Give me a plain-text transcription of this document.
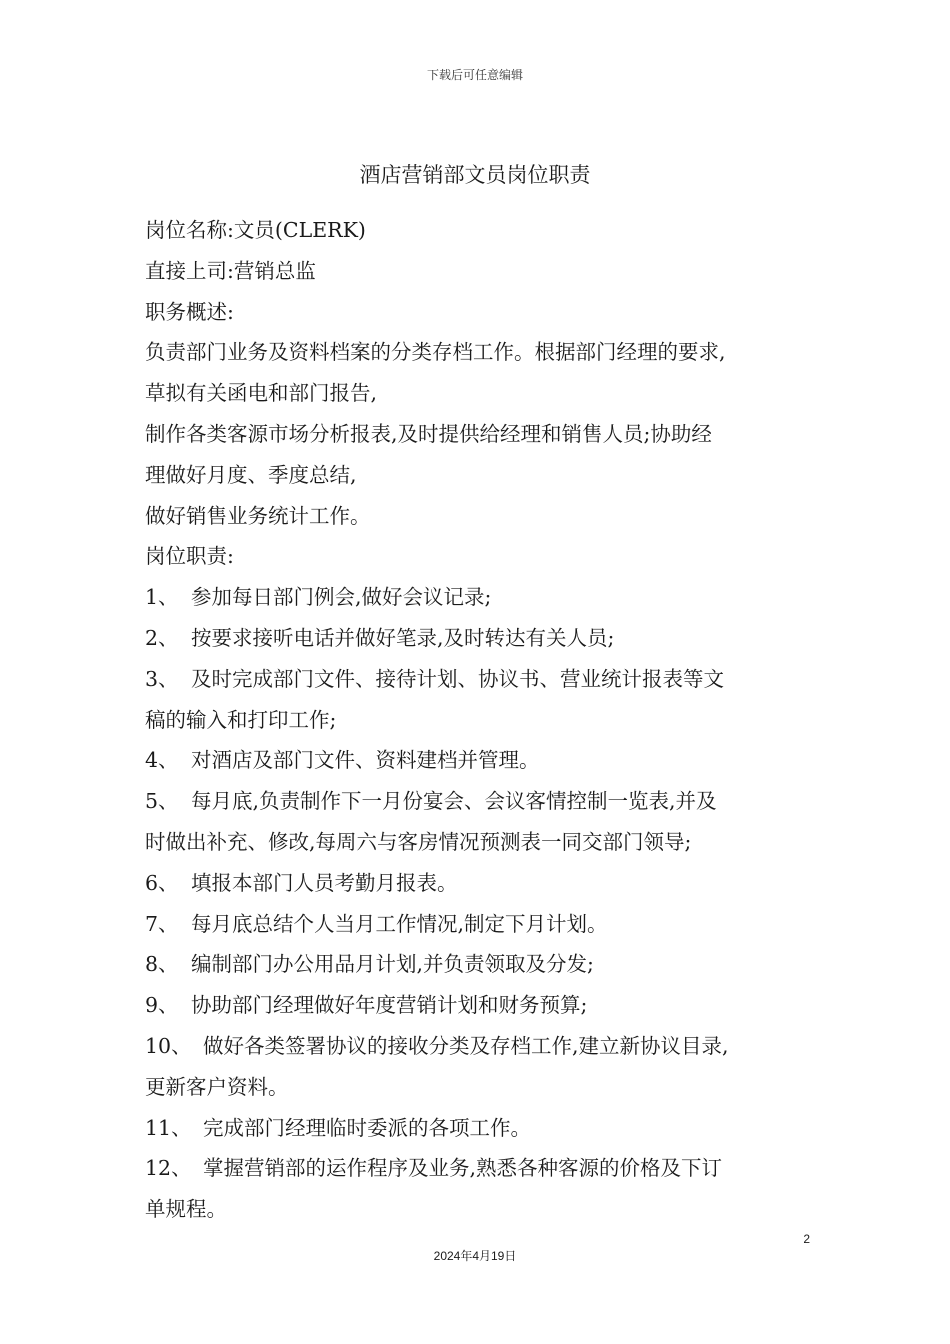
下载后可任意编辑
酒店营销部文员岗位职责
岗位名称:文员(CLERK)
直接上司:营销总监
职务概述:
负责部门业务及资料档案的分类存档工作。根据部门经理的要求,
草拟有关函电和部门报告,
制作各类客源市场分析报表,及时提供给经理和销售人员;协助经
理做好月度、季度总结,
做好销售业务统计工作。
岗位职责:
1、 参加每日部门例会,做好会议记录;
2、 按要求接听电话并做好笔录,及时转达有关人员;
3、 及时完成部门文件、接待计划、协议书、营业统计报表等文
稿的输入和打印工作;
4、 对酒店及部门文件、资料建档并管理。
5、 每月底,负责制作下一月份宴会、会议客情控制一览表,并及
时做出补充、修改,每周六与客房情况预测表一同交部门领导;
6、 填报本部门人员考勤月报表。
7、 每月底总结个人当月工作情况,制定下月计划。
8、 编制部门办公用品月计划,并负责领取及分发;
9、 协助部门经理做好年度营销计划和财务预算;
10、 做好各类签署协议的接收分类及存档工作,建立新协议目录,
更新客户资料。
11、 完成部门经理临时委派的各项工作。
12、 掌握营销部的运作程序及业务,熟悉各种客源的价格及下订
单规程。
2
2024年4月19日
